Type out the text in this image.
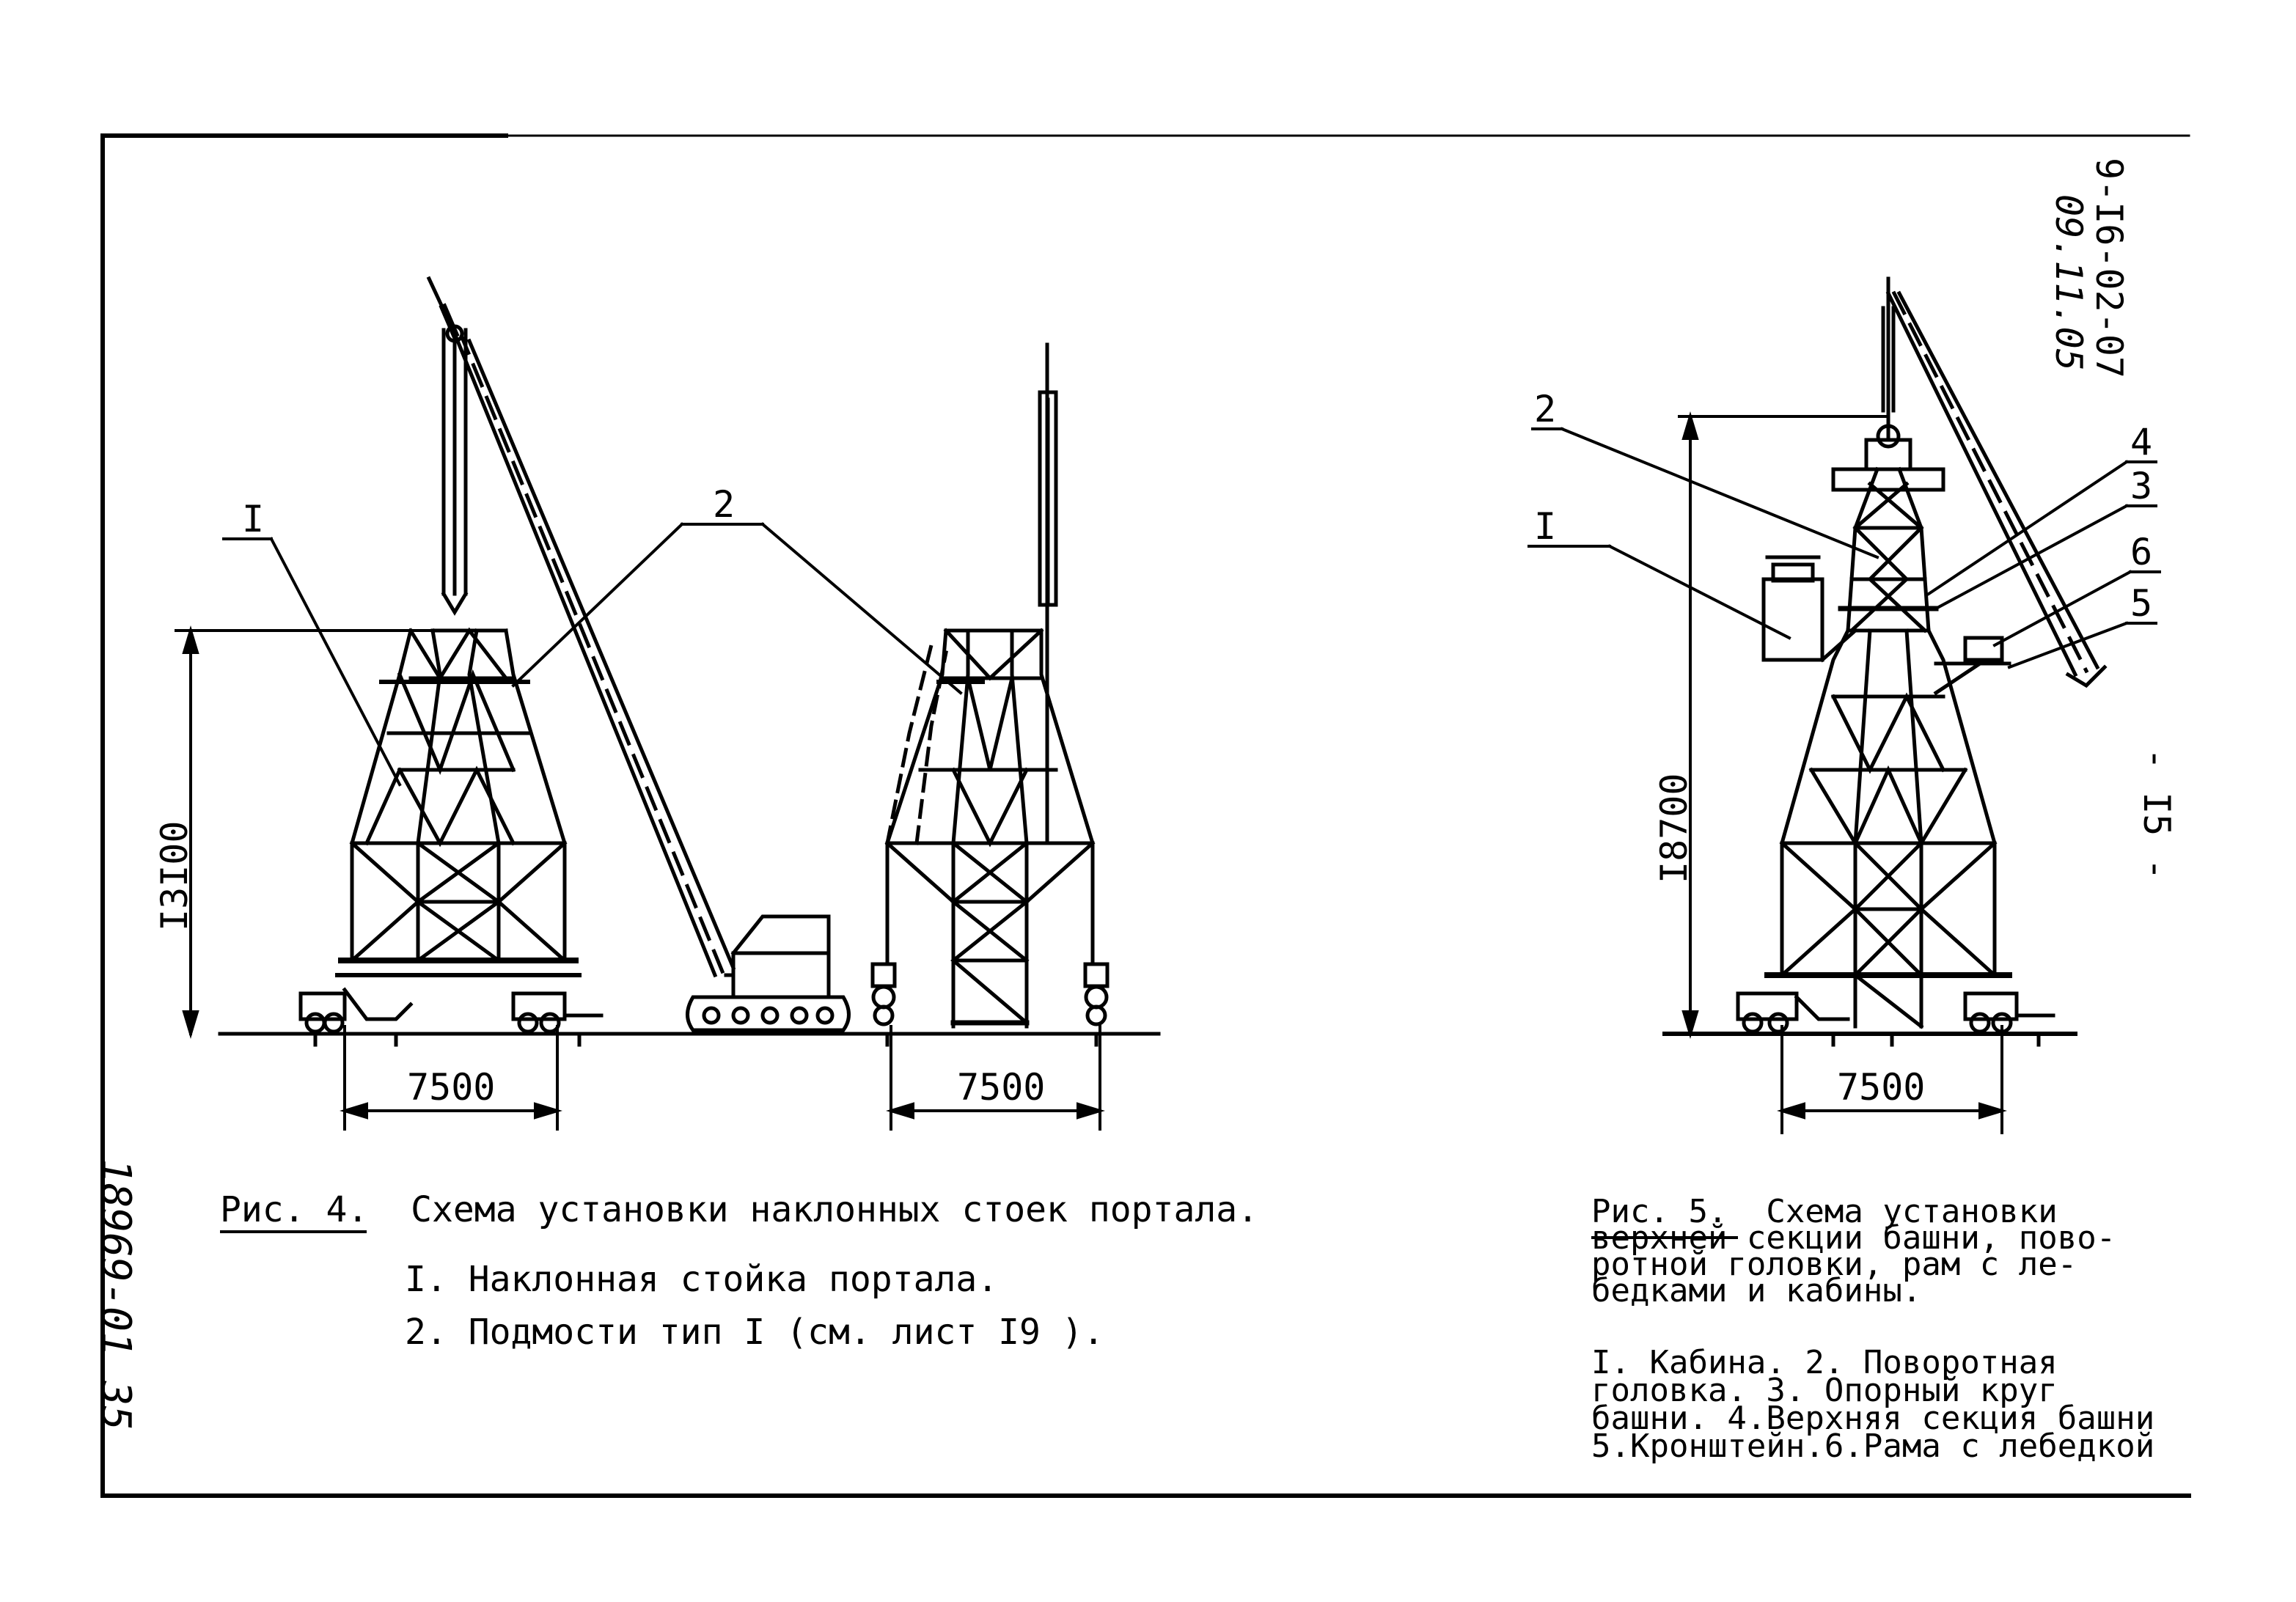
I	2
2
I
4
3
6
5
I3I00
7500	7500
I8700
7500
Рис. 4. Схема установки наклонных стоек портала.
I. Наклонная стойка портала.
2. Подмости тип I (см. лист I9 ).
Рис. 5. Схема установки
верхней секции башни, пово-
ротной головки, рам с ле-
бедками и кабины.
I. Кабина. 2. Поворотная
головка. 3. Опорный круг
башни. 4.Верхняя секция башни
5.Кронштейн.6.Рама с лебедкой
9-I6-02-07
09.11.05
- I5 -
18969-01 35
